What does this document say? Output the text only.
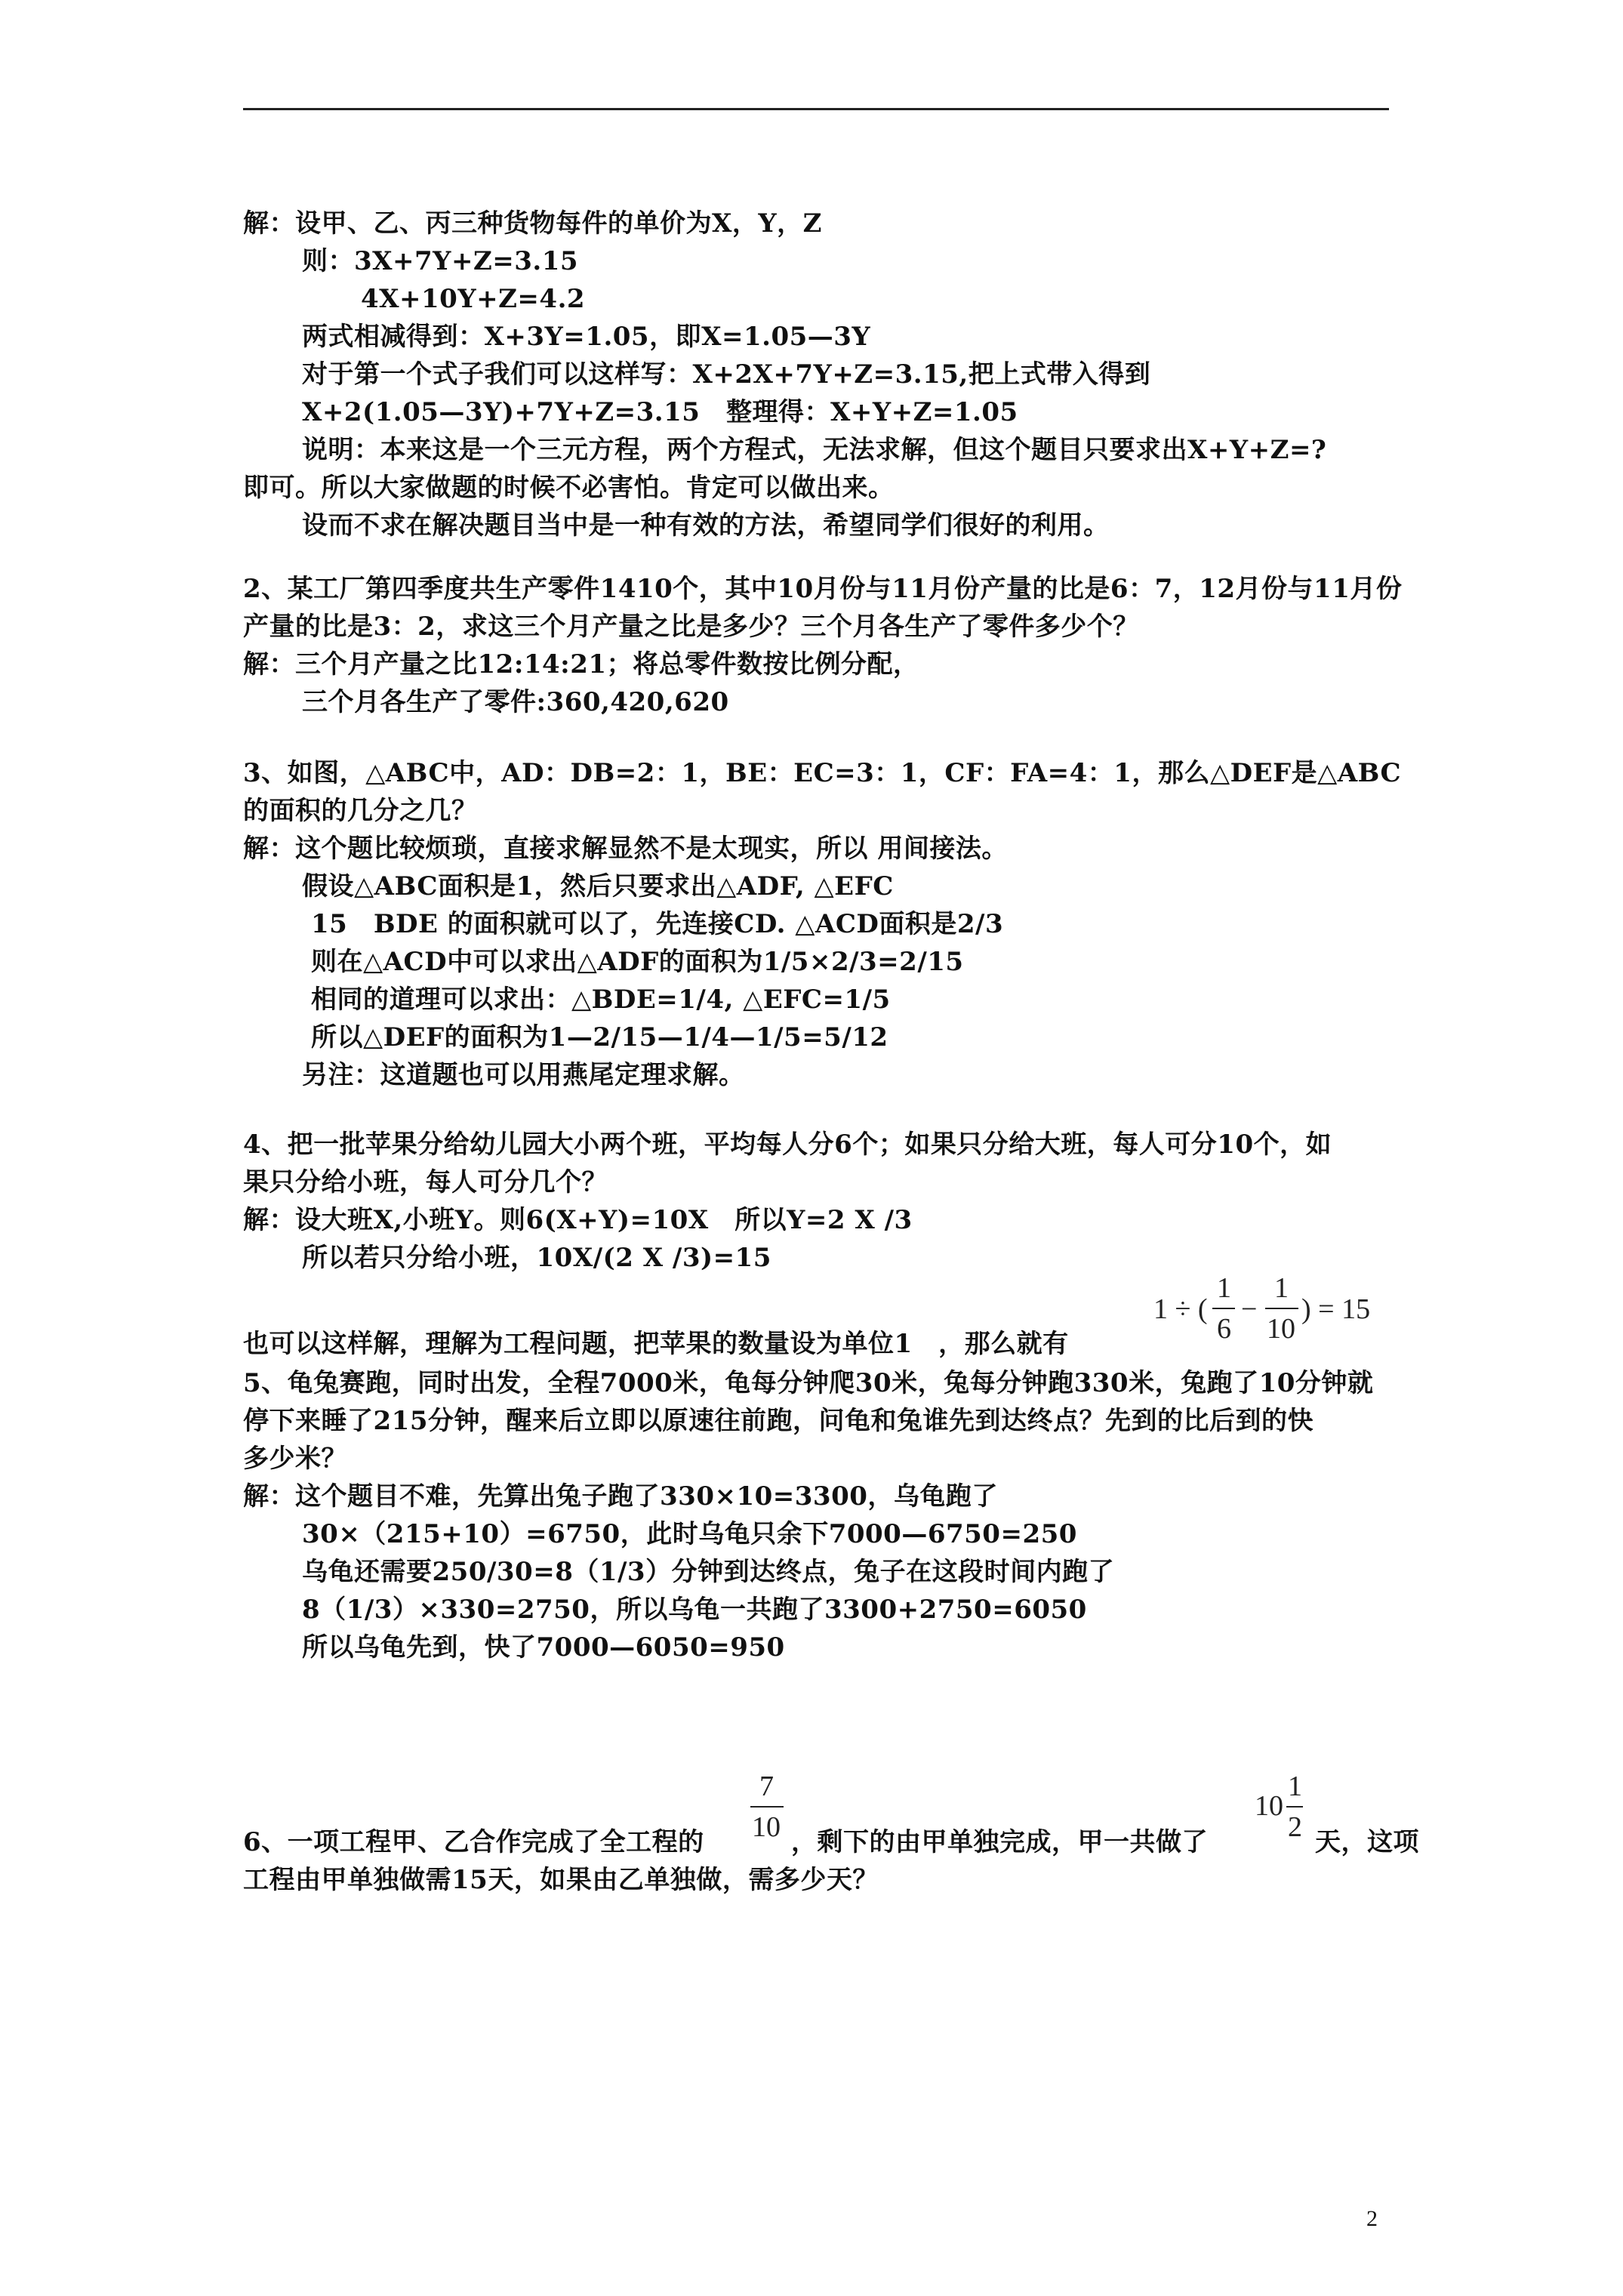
解：设甲、乙、丙三种货物每件的单价为X，Y，Z
则：3X+7Y+Z=3.15
4X+10Y+Z=4.2
两式相减得到：X+3Y=1.05，即X=1.05—3Y
对于第一个式子我们可以这样写：X+2X+7Y+Z=3.15,把上式带入得到
X+2(1.05—3Y)+7Y+Z=3.15　整理得：X+Y+Z=1.05
说明：本来这是一个三元方程，两个方程式，无法求解，但这个题目只要求出X+Y+Z=?
即可。所以大家做题的时候不必害怕。肯定可以做出来。
设而不求在解决题目当中是一种有效的方法，希望同学们很好的利用。
2、某工厂第四季度共生产零件1410个，其中10月份与11月份产量的比是6：7，12月份与11月份
产量的比是3：2，求这三个月产量之比是多少？三个月各生产了零件多少个？
解：三个月产量之比12:14:21；将总零件数按比例分配，
三个月各生产了零件:360,420,620
3、如图，△ABC中，AD：DB=2：1，BE：EC=3：1，CF：FA=4：1，那么△DEF是△ABC
的面积的几分之几？
解：这个题比较烦琐，直接求解显然不是太现实，所以 用间接法。
假设△ABC面积是1，然后只要求出△ADF, △EFC
15　BDE 的面积就可以了，先连接CD. △ACD面积是2/3
则在△ACD中可以求出△ADF的面积为1/5×2/3=2/15
相同的道理可以求出：△BDE=1/4, △EFC=1/5
所以△DEF的面积为1—2/15—1/4—1/5=5/12
另注：这道题也可以用燕尾定理求解。
4、把一批苹果分给幼儿园大小两个班，平均每人分6个；如果只分给大班，每人可分10个，如
果只分给小班，每人可分几个？
解：设大班X,小班Y。则6(X+Y)=10X　所以Y=2 X /3
所以若只分给小班，10X/(2 X /3)=15
1 ÷ (
1
6
−
1
10
) = 15
也可以这样解，理解为工程问题，把苹果的数量设为单位1　，那么就有
5、龟兔赛跑，同时出发，全程7000米，龟每分钟爬30米，兔每分钟跑330米，兔跑了10分钟就
停下来睡了215分钟，醒来后立即以原速往前跑，问龟和兔谁先到达终点？先到的比后到的快
多少米？
解：这个题目不难，先算出兔子跑了330×10=3300，乌龟跑了
30×（215+10）=6750，此时乌龟只余下7000—6750=250
乌龟还需要250/30=8（1/3）分钟到达终点，兔子在这段时间内跑了
8（1/3）×330=2750，所以乌龟一共跑了3300+2750=6050
所以乌龟先到，快了7000—6050=950
6、一项工程甲、乙合作完成了全工程的
7
10 ，剩下的由甲单独完成，甲一共做了
10
1
2 天，这项
工程由甲单独做需15天，如果由乙单独做，需多少天？
2
